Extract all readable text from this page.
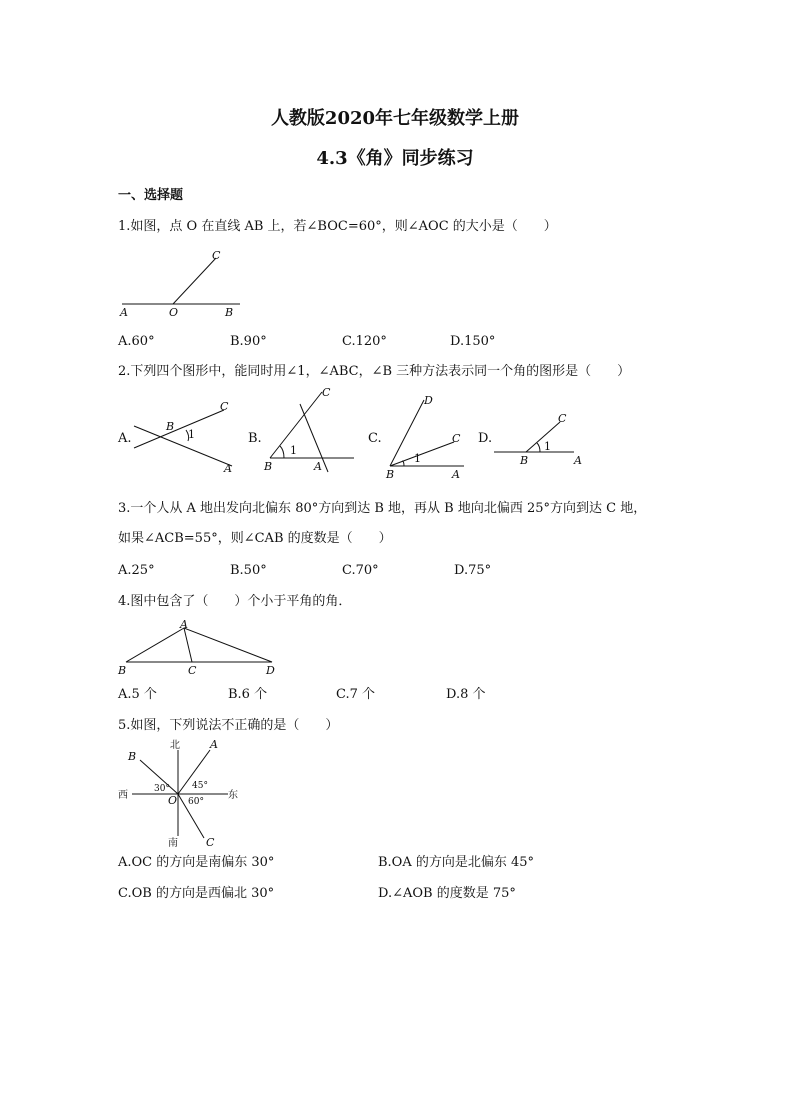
人教版2020年七年级数学上册
4.3《角》同步练习
一、选择题
1.如图，点 O 在直线 AB 上，若∠BOC=60°，则∠AOC 的大小是（　　）
C
A	O	B
A.60°	B.90°	C.120°	D.150°
2.下列四个图形中，能同时用∠1，∠ABC，∠B 三种方法表示同一个角的图形是（　　）
A.
C
B
1
A
B.
C
1
B	A
C.
D
C
1
B	A
D.
C
1
B	A
3.一个人从 A 地出发向北偏东 80°方向到达 B 地，再从 B 地向北偏西 25°方向到达 C 地，
如果∠ACB=55°，则∠CAB 的度数是（　　）
A.25°	B.50°	C.70°	D.75°
4.图中包含了（　　）个小于平角的角．
A
B	C	D
A.5 个	B.6 个	C.7 个	D.8 个
5.如图，下列说法不正确的是（　　）
北
南
西	东
A
B
C
O
30° 45°
60°
A.OC 的方向是南偏东 30°	B.OA 的方向是北偏东 45°
C.OB 的方向是西偏北 30°	D.∠AOB 的度数是 75°
